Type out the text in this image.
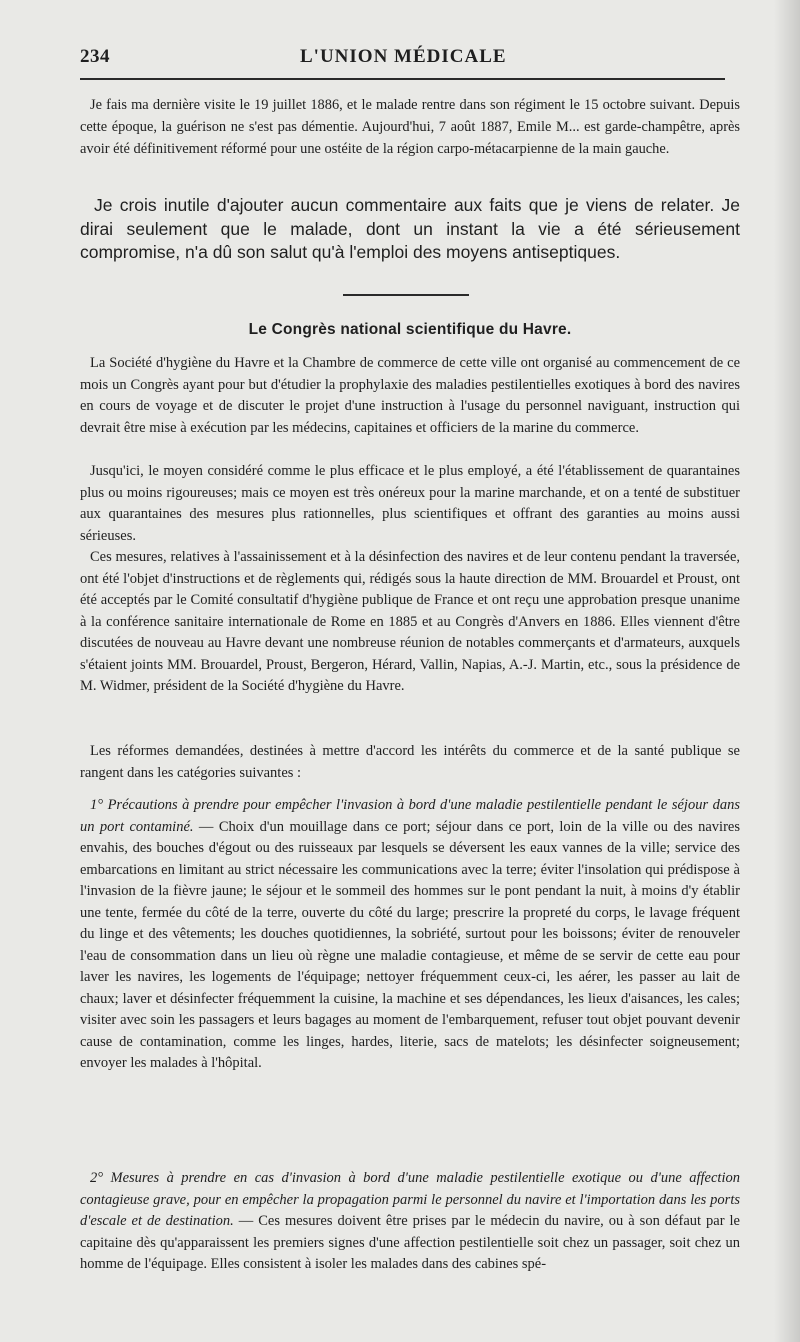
234	L'UNION MÉDICALE

Je fais ma dernière visite le 19 juillet 1886, et le malade rentre dans son régiment le 15 octobre suivant. Depuis cette époque, la guérison ne s'est pas démentie. Aujourd'hui, 7 août 1887, Emile M... est garde-champêtre, après avoir été définitivement réformé pour une ostéite de la région carpo-métacarpienne de la main gauche.

Je crois inutile d'ajouter aucun commentaire aux faits que je viens de relater. Je dirai seulement que le malade, dont un instant la vie a été sérieusement compromise, n'a dû son salut qu'à l'emploi des moyens antiseptiques.

Le Congrès national scientifique du Havre.

La Société d'hygiène du Havre et la Chambre de commerce de cette ville ont organisé au commencement de ce mois un Congrès ayant pour but d'étudier la prophylaxie des maladies pestilentielles exotiques à bord des navires en cours de voyage et de discuter le projet d'une instruction à l'usage du personnel naviguant, instruction qui devrait être mise à exécution par les médecins, capitaines et officiers de la marine du commerce.

Jusqu'ici, le moyen considéré comme le plus efficace et le plus employé, a été l'établissement de quarantaines plus ou moins rigoureuses; mais ce moyen est très onéreux pour la marine marchande, et on a tenté de substituer aux quarantaines des mesures plus rationnelles, plus scientifiques et offrant des garanties au moins aussi sérieuses.

Ces mesures, relatives à l'assainissement et à la désinfection des navires et de leur contenu pendant la traversée, ont été l'objet d'instructions et de règlements qui, rédigés sous la haute direction de MM. Brouardel et Proust, ont été acceptés par le Comité consultatif d'hygiène publique de France et ont reçu une approbation presque unanime à la conférence sanitaire internationale de Rome en 1885 et au Congrès d'Anvers en 1886. Elles viennent d'être discutées de nouveau au Havre devant une nombreuse réunion de notables commerçants et d'armateurs, auxquels s'étaient joints MM. Brouardel, Proust, Bergeron, Hérard, Vallin, Napias, A.-J. Martin, etc., sous la présidence de M. Widmer, président de la Société d'hygiène du Havre.

Les réformes demandées, destinées à mettre d'accord les intérêts du commerce et de la santé publique se rangent dans les catégories suivantes :

1° Précautions à prendre pour empêcher l'invasion à bord d'une maladie pestilentielle pendant le séjour dans un port contaminé. — Choix d'un mouillage dans ce port; séjour dans ce port, loin de la ville ou des navires envahis, des bouches d'égout ou des ruisseaux par lesquels se déversent les eaux vannes de la ville; service des embarcations en limitant au strict nécessaire les communications avec la terre; éviter l'insolation qui prédispose à l'invasion de la fièvre jaune; le séjour et le sommeil des hommes sur le pont pendant la nuit, à moins d'y établir une tente, fermée du côté de la terre, ouverte du côté du large; prescrire la propreté du corps, le lavage fréquent du linge et des vêtements; les douches quotidiennes, la sobriété, surtout pour les boissons; éviter de renouveler l'eau de consommation dans un lieu où règne une maladie contagieuse, et même de se servir de cette eau pour laver les navires, les logements de l'équipage; nettoyer fréquemment ceux-ci, les aérer, les passer au lait de chaux; laver et désinfecter fréquemment la cuisine, la machine et ses dépendances, les lieux d'aisances, les cales; visiter avec soin les passagers et leurs bagages au moment de l'embarquement, refuser tout objet pouvant devenir cause de contamination, comme les linges, hardes, literie, sacs de matelots; les désinfecter soigneusement; envoyer les malades à l'hôpital.

2° Mesures à prendre en cas d'invasion à bord d'une maladie pestilentielle exotique ou d'une affection contagieuse grave, pour en empêcher la propagation parmi le personnel du navire et l'importation dans les ports d'escale et de destination. — Ces mesures doivent être prises par le médecin du navire, ou à son défaut par le capitaine dès qu'apparaissent les premiers signes d'une affection pestilentielle soit chez un passager, soit chez un homme de l'équipage. Elles consistent à isoler les malades dans des cabines spé-
